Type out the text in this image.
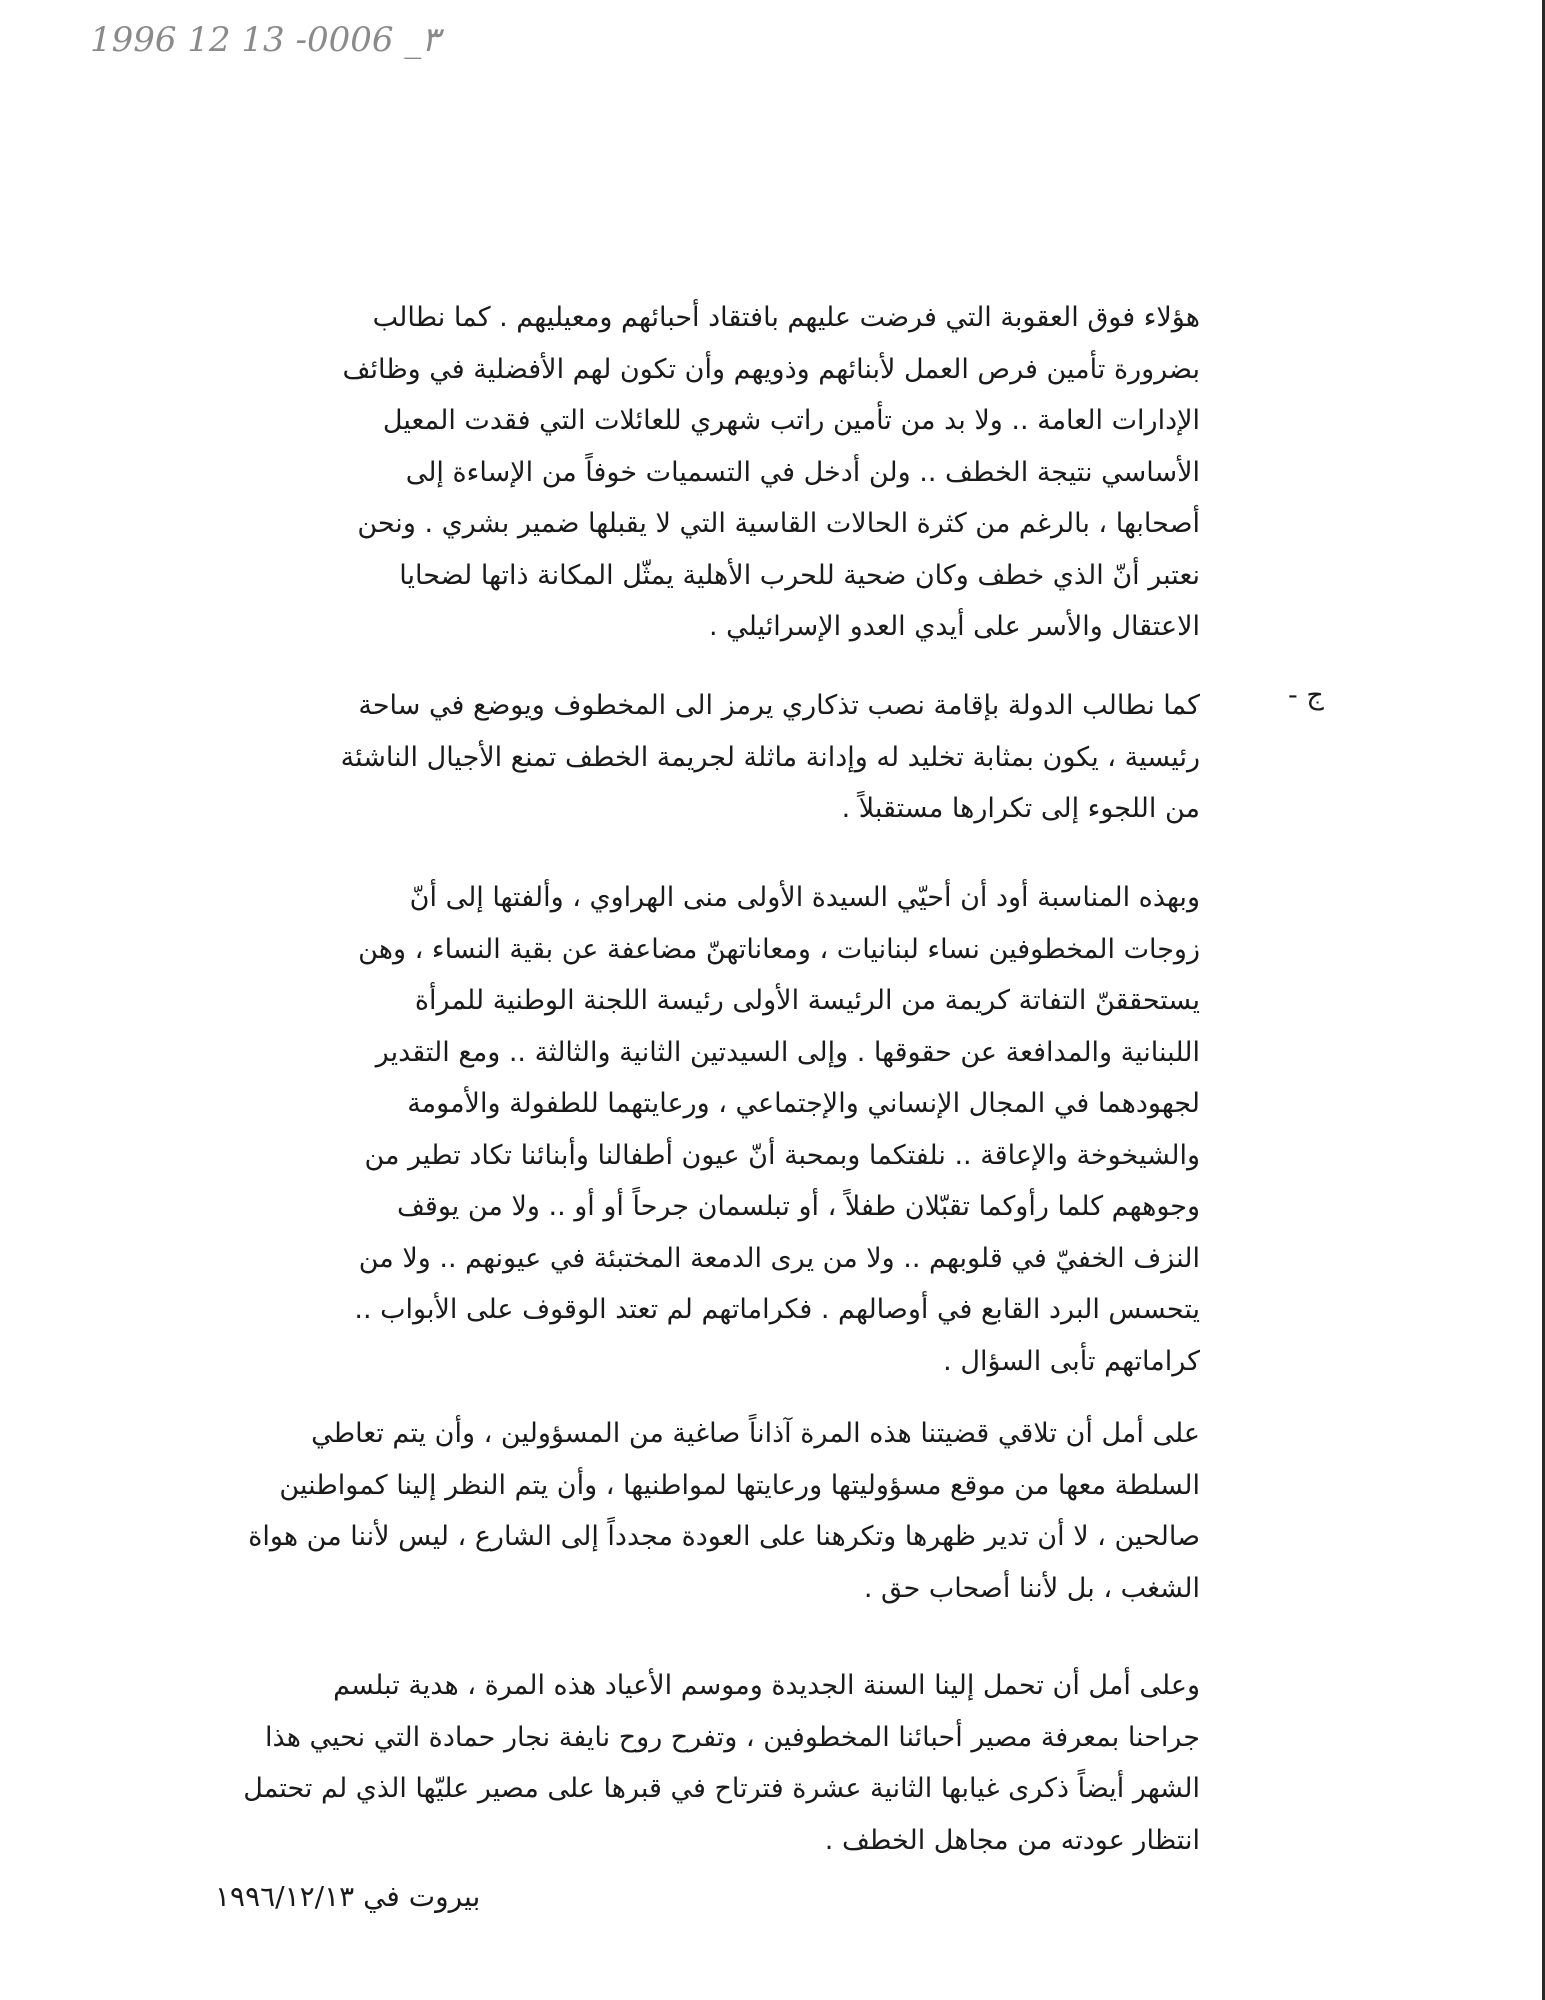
1996 12 13 -0006 _٣

هؤلاء فوق العقوبة التي فرضت عليهم بافتقاد أحبائهم ومعيليهم . كما نطالب
بضرورة تأمين فرص العمل لأبنائهم وذويهم وأن تكون لهم الأفضلية في وظائف
الإدارات العامة .. ولا بد من تأمين راتب شهري للعائلات التي فقدت المعيل
الأساسي نتيجة الخطف .. ولن أدخل في التسميات خوفاً من الإساءة إلى
أصحابها ، بالرغم من كثرة الحالات القاسية التي لا يقبلها ضمير بشري . ونحن
نعتبر أنّ الذي خطف وكان ضحية للحرب الأهلية يمثّل المكانة ذاتها لضحايا
الاعتقال والأسر على أيدي العدو الإسرائيلي .

ج -

كما نطالب الدولة بإقامة نصب تذكاري يرمز الى المخطوف ويوضع في ساحة
رئيسية ، يكون بمثابة تخليد له وإدانة ماثلة لجريمة الخطف تمنع الأجيال الناشئة
من اللجوء إلى تكرارها مستقبلاً .

وبهذه المناسبة أود أن أحيّي السيدة الأولى منى الهراوي ، وألفتها إلى أنّ
زوجات المخطوفين نساء لبنانيات ، ومعاناتهنّ مضاعفة عن بقية النساء ، وهن
يستحققنّ التفاتة كريمة من الرئيسة الأولى رئيسة اللجنة الوطنية للمرأة
اللبنانية والمدافعة عن حقوقها . وإلى السيدتين الثانية والثالثة .. ومع التقدير
لجهودهما في المجال الإنساني والإجتماعي ، ورعايتهما للطفولة والأمومة
والشيخوخة والإعاقة .. نلفتكما وبمحبة أنّ عيون أطفالنا وأبنائنا تكاد تطير من
وجوههم كلما رأوكما تقبّلان طفلاً ، أو تبلسمان جرحاً أو أو .. ولا من يوقف
النزف الخفيّ في قلوبهم .. ولا من يرى الدمعة المختبئة في عيونهم .. ولا من
يتحسس البرد القابع في أوصالهم . فكراماتهم لم تعتد الوقوف على الأبواب ..
كراماتهم تأبى السؤال .

على أمل أن تلاقي قضيتنا هذه المرة آذاناً صاغية من المسؤولين ، وأن يتم تعاطي
السلطة معها من موقع مسؤوليتها ورعايتها لمواطنيها ، وأن يتم النظر إلينا كمواطنين
صالحين ، لا أن تدير ظهرها وتكرهنا على العودة مجدداً إلى الشارع ، ليس لأننا من هواة
الشغب ، بل لأننا أصحاب حق .

وعلى أمل أن تحمل إلينا السنة الجديدة وموسم الأعياد هذه المرة ، هدية تبلسم
جراحنا بمعرفة مصير أحبائنا المخطوفين ، وتفرح روح نايفة نجار حمادة التي نحيي هذا
الشهر أيضاً ذكرى غيابها الثانية عشرة فترتاح في قبرها على مصير عليّها الذي لم تحتمل
انتظار عودته من مجاهل الخطف .

بيروت في ١٩٩٦/١٢/١٣
